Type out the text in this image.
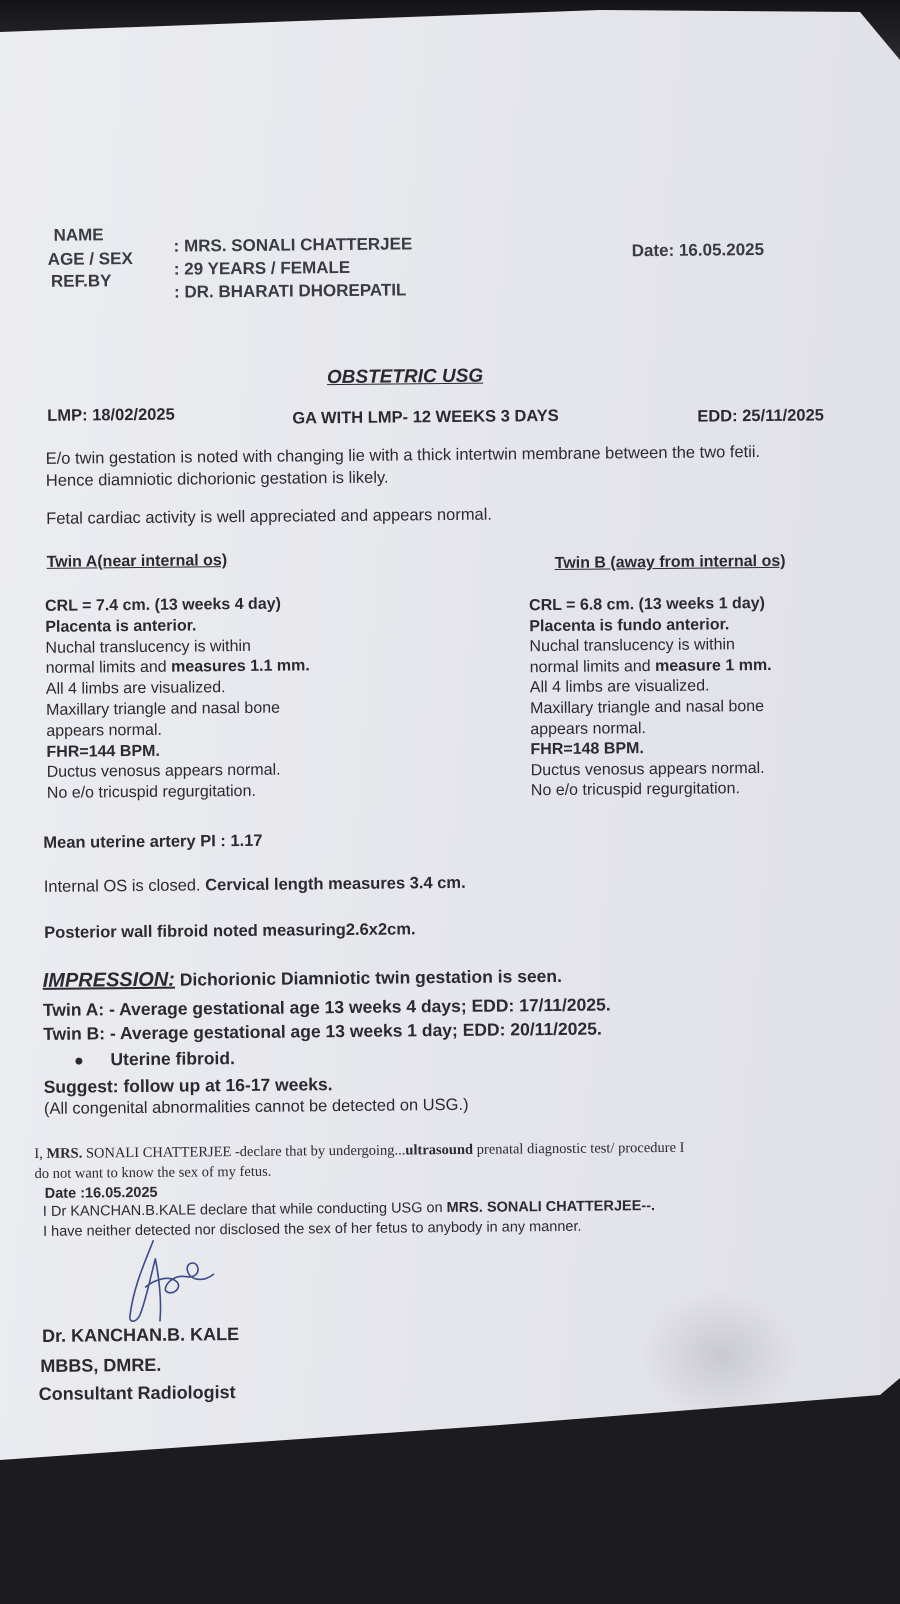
NAME
AGE / SEX
REF.BY
: MRS. SONALI CHATTERJEE
: 29 YEARS / FEMALE
: DR. BHARATI DHOREPATIL
Date: 16.05.2025
OBSTETRIC USG
LMP: 18/02/2025	GA WITH LMP- 12 WEEKS 3 DAYS	EDD: 25/11/2025
E/o twin gestation is noted with changing lie with a thick intertwin membrane between the two fetii.
Hence diamniotic dichorionic gestation is likely.
Fetal cardiac activity is well appreciated and appears normal.
Twin A(near internal os)
CRL = 7.4 cm. (13 weeks 4 day)
Placenta is anterior.
Nuchal translucency is within
normal limits and measures 1.1 mm.
All 4 limbs are visualized.
Maxillary triangle and nasal bone
appears normal.
FHR=144 BPM.
Ductus venosus appears normal.
No e/o tricuspid regurgitation.
Twin B (away from internal os)
CRL = 6.8 cm. (13 weeks 1 day)
Placenta is fundo anterior.
Nuchal translucency is within
normal limits and measure 1 mm.
All 4 limbs are visualized.
Maxillary triangle and nasal bone
appears normal.
FHR=148 BPM.
Ductus venosus appears normal.
No e/o tricuspid regurgitation.
Mean uterine artery PI : 1.17
Internal OS is closed. Cervical length measures 3.4 cm.
Posterior wall fibroid noted measuring2.6x2cm.
IMPRESSION: Dichorionic Diamniotic twin gestation is seen.
Twin A: - Average gestational age 13 weeks 4 days; EDD: 17/11/2025.
Twin B: - Average gestational age 13 weeks 1 day; EDD: 20/11/2025.
Uterine fibroid.
Suggest: follow up at 16-17 weeks.
(All congenital abnormalities cannot be detected on USG.)
I, MRS. SONALI CHATTERJEE -declare that by undergoing...ultrasound prenatal diagnostic test/ procedure I
do not want to know the sex of my fetus.
Date :16.05.2025
I Dr KANCHAN.B.KALE declare that while conducting USG on MRS. SONALI CHATTERJEE--.
I have neither detected nor disclosed the sex of her fetus to anybody in any manner.
Dr. KANCHAN.B. KALE
MBBS, DMRE.
Consultant Radiologist
